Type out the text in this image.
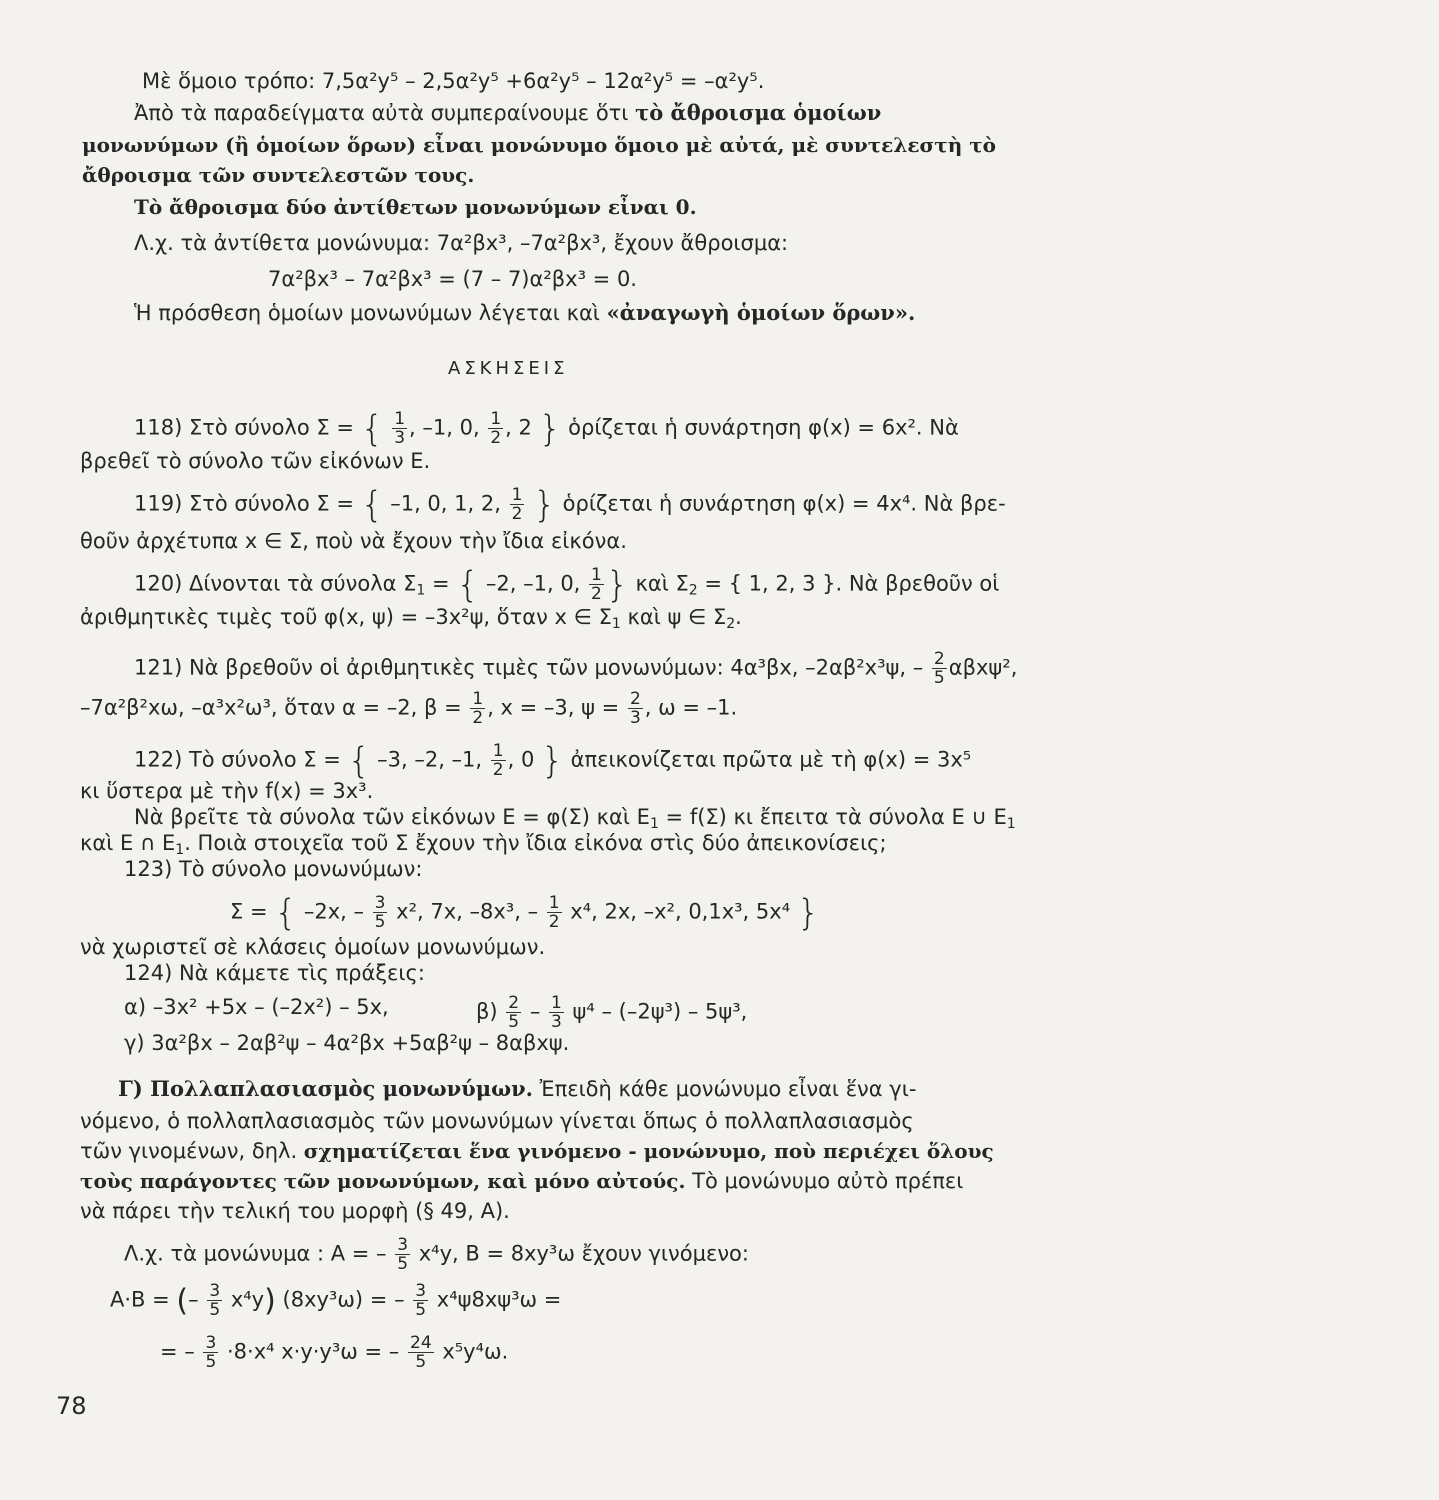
Μὲ ὅμοιο τρόπο: 7,5α²y⁵ – 2,5α²y⁵ +6α²y⁵ – 12α²y⁵ = –α²y⁵.
Ἀπὸ τὰ παραδείγματα αὐτὰ συμπεραίνουμε ὅτι τὸ ἄθροισμα ὁμοίων
μονωνύμων (ἢ ὁμοίων ὅρων) εἶναι μονώνυμο ὅμοιο μὲ αὐτά, μὲ συντελεστὴ τὸ
ἄθροισμα τῶν συντελεστῶν τους.
Τὸ ἄθροισμα δύο ἀντίθετων μονωνύμων εἶναι 0.
Λ.χ. τὰ ἀντίθετα μονώνυμα: 7α²βx³, –7α²βx³, ἔχουν ἄθροισμα:
7α²βx³ – 7α²βx³ = (7 – 7)α²βx³ = 0.
Ἡ πρόσθεση ὁμοίων μονωνύμων λέγεται καὶ «ἀναγωγὴ ὁμοίων ὅρων».
ΑΣΚΗΣΕΙΣ
118) Στὸ σύνολο Σ = { $\frac{1}{3}$ , –1, 0, $\frac{1}{2}$ , 2 } ὁρίζεται ἡ συνάρτηση φ(x) = 6x². Νὰ
βρεθεῖ τὸ σύνολο τῶν εἰκόνων Ε.
119) Στὸ σύνολο Σ = { –1, 0, 1, 2, $\frac{1}{2}$ } ὁρίζεται ἡ συνάρτηση φ(x) = 4x⁴. Νὰ βρε-
θοῦν ἀρχέτυπα x ∈ Σ, ποὺ νὰ ἔχουν τὴν ἴδια εἰκόνα.
120) Δίνονται τὰ σύνολα $\Sigma_1$ = { –2, –1, 0, $\frac{1}{2}$ } καὶ $\Sigma_2$ = { 1, 2, 3 }. Νὰ βρεθοῦν οἱ
ἀριθμητικὲς τιμὲς τοῦ φ(x, ψ) = –3x²ψ, ὅταν x ∈ $\Sigma_1$ καὶ ψ ∈ $\Sigma_2$.
121) Νὰ βρεθοῦν οἱ ἀριθμητικὲς τιμὲς τῶν μονωνύμων: 4α³βx, –2αβ²x³ψ, – $\frac{2}{5} \alpha\beta x\psi^2$,
–7α²β²xω, –α³x²ω³, ὅταν α = –2, $\beta = \frac{1}{2}$ , x = –3, $\psi = \frac{2}{3}$ , ω = –1.
122) Τὸ σύνολο Σ = { –3, –2, –1, $\frac{1}{2}$ , 0 } ἀπεικονίζεται πρῶτα μὲ τὴ φ(x) = 3x⁵
κι ὕστερα μὲ τὴν f(x) = 3x³.
Νὰ βρεῖτε τὰ σύνολα τῶν εἰκόνων Ε = φ(Σ) καὶ $E_1 = f(\Sigma)$ κι ἔπειτα τὰ σύνολα Ε ∪ $E_1$
καὶ Ε ∩ $E_1$. Ποιὰ στοιχεῖα τοῦ Σ ἔχουν τὴν ἴδια εἰκόνα στὶς δύο ἀπεικονίσεις;
123) Τὸ σύνολο μονωνύμων:
Σ = { –2x, – $\frac{3}{5} x^2$, 7x, –8x³, – $\frac{1}{2} x^4$, 2x, –x², 0,1x³, 5x⁴ }
νὰ χωριστεῖ σὲ κλάσεις ὁμοίων μονωνύμων.
124) Νὰ κάμετε τὶς πράξεις:
α) –3x² +5x – (–2x²) – 5x,	$\beta) \frac{2}{5} - \frac{1}{3} \psi^4 - (-2\psi^3) - 5\psi^3$,
γ) 3α²βx – 2αβ²ψ – 4α²βx +5αβ²ψ – 8αβxψ.
Γ) Πολλαπλασιασμὸς μονωνύμων. Ἐπειδὴ κάθε μονώνυμο εἶναι ἕνα γι-
νόμενο, ὁ πολλαπλασιασμὸς τῶν μονωνύμων γίνεται ὅπως ὁ πολλαπλασιασμὸς
τῶν γινομένων, δηλ. σχηματίζεται ἕνα γινόμενο - μονώνυμο, ποὺ περιέχει ὅλους
τοὺς παράγοντες τῶν μονωνύμων, καὶ μόνο αὐτούς. Τὸ μονώνυμο αὐτὸ πρέπει
νὰ πάρει τὴν τελική του μορφὴ (§ 49, Α).
Λ.χ. τὰ μονώνυμα : Α = – $\frac{3}{5} x^4y$, B = 8xy³ω ἔχουν γινόμενο:
A·B = (– $\frac{3}{5} x^4y$) (8xy³ω) = – $\frac{3}{5} x^4\psi 8x\psi^3\omega$ =
= – $\frac{3}{5} \cdot 8\cdot x^4$ x·y·y³ω = – $\frac{24}{5} x^5y^4\omega$.
78
